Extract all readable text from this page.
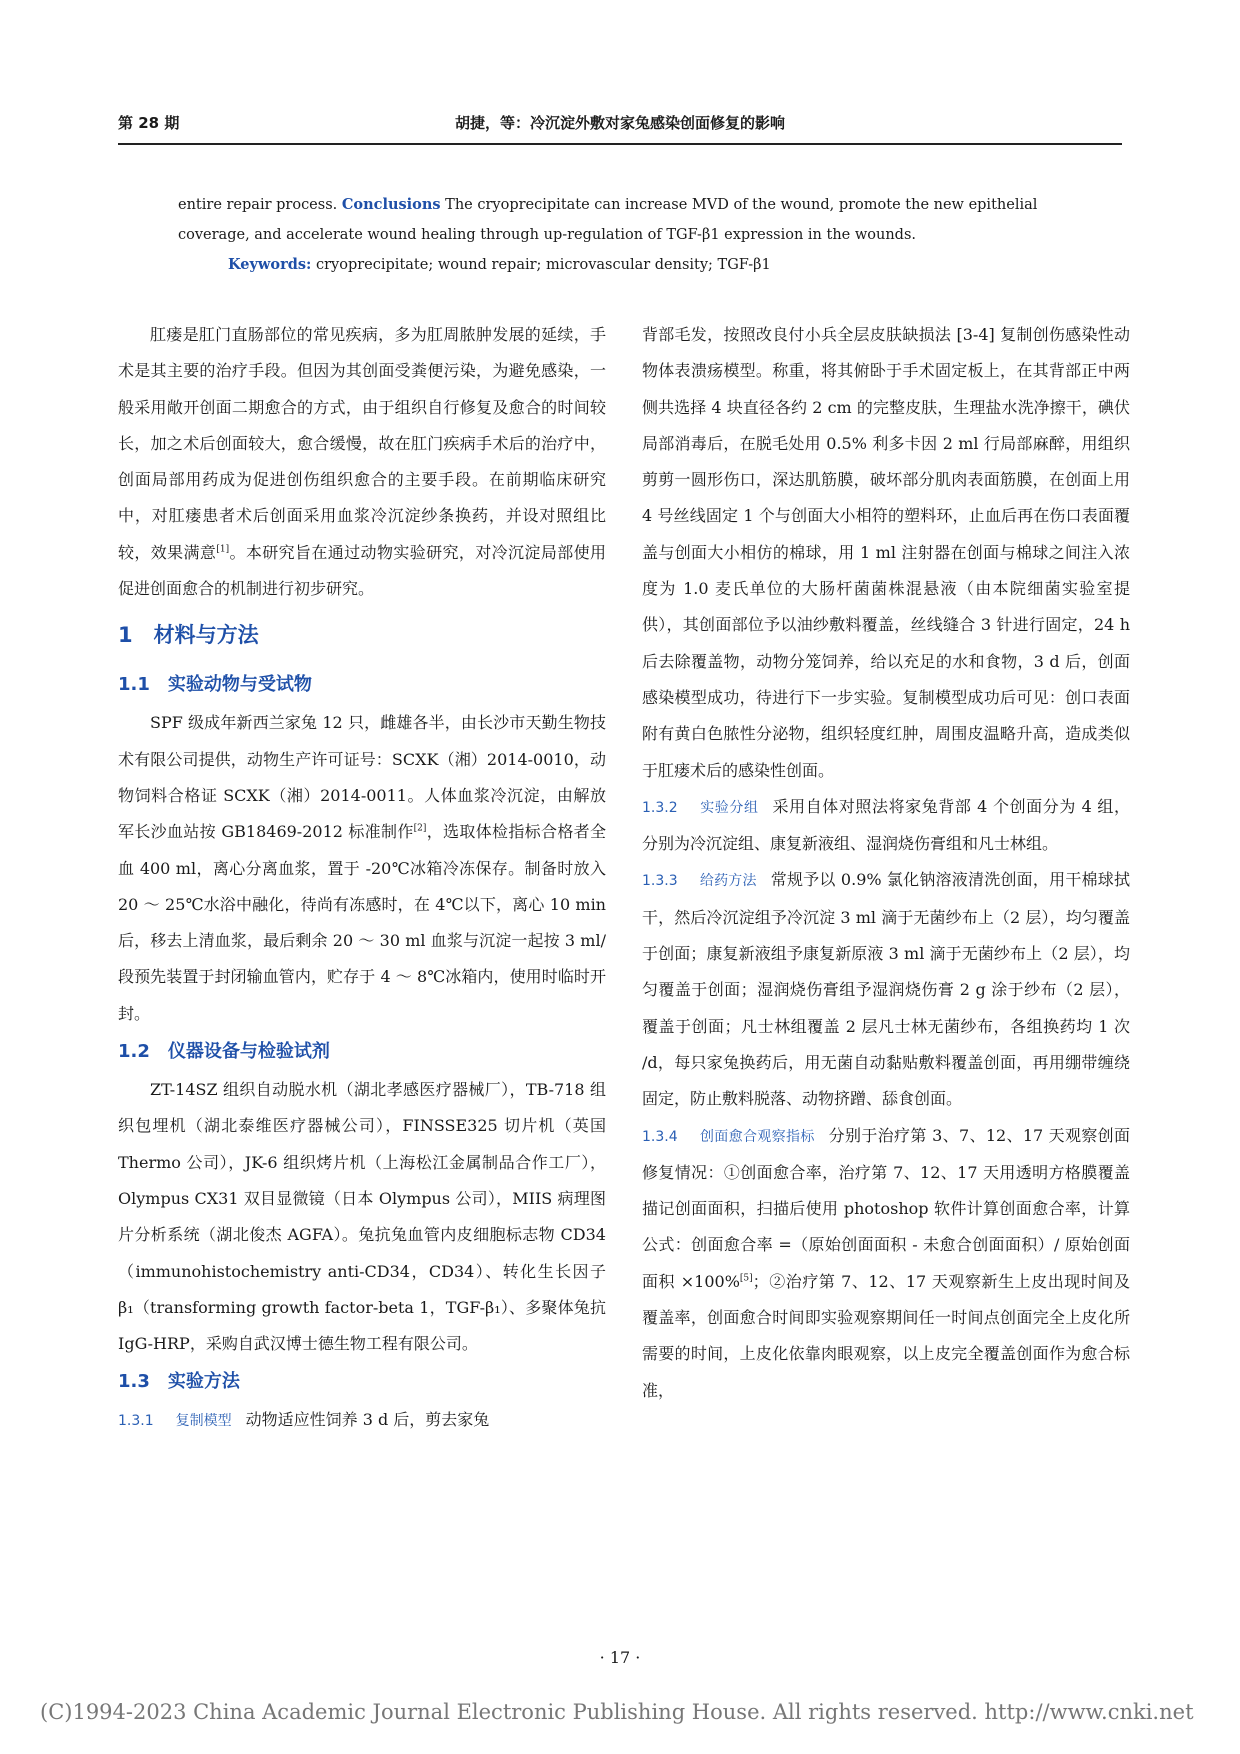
第 28 期	胡捷，等：冷沉淀外敷对家兔感染创面修复的影响
entire repair process. Conclusions The cryoprecipitate can increase MVD of the wound, promote the new epithelial
coverage, and accelerate wound healing through up-regulation of TGF-β1 expression in the wounds.
Keywords: cryoprecipitate; wound repair; microvascular density; TGF-β1

肛瘘是肛门直肠部位的常见疾病，多为肛周脓肿发展的延续，手术是其主要的治疗手段。但因为其创面受粪便污染，为避免感染，一般采用敞开创面二期愈合的方式，由于组织自行修复及愈合的时间较长，加之术后创面较大，愈合缓慢，故在肛门疾病手术后的治疗中，创面局部用药成为促进创伤组织愈合的主要手段。在前期临床研究中，对肛瘘患者术后创面采用血浆冷沉淀纱条换药，并设对照组比较，效果满意[1]。本研究旨在通过动物实验研究，对冷沉淀局部使用促进创面愈合的机制进行初步研究。

1　材料与方法
1.1　实验动物与受试物

SPF 级成年新西兰家兔 12 只，雌雄各半，由长沙市天勤生物技术有限公司提供，动物生产许可证号：SCXK（湘）2014-0010，动物饲料合格证 SCXK（湘）2014-0011。人体血浆冷沉淀，由解放军长沙血站按 GB18469-2012 标准制作[2]，选取体检指标合格者全血 400 ml，离心分离血浆，置于 -20℃冰箱冷冻保存。制备时放入 20 ～ 25℃水浴中融化，待尚有冻感时，在 4℃以下，离心 10 min 后，移去上清血浆，最后剩余 20 ～ 30 ml 血浆与沉淀一起按 3 ml/ 段预先装置于封闭输血管内，贮存于 4 ～ 8℃冰箱内，使用时临时开封。

1.2　仪器设备与检验试剂

ZT-14SZ 组织自动脱水机（湖北孝感医疗器械厂），TB-718 组织包埋机（湖北泰维医疗器械公司），FINSSE325 切片机（英国 Thermo 公司），JK-6 组织烤片机（上海松江金属制品合作工厂），Olympus CX31 双目显微镜（日本 Olympus 公司），MIIS 病理图片分析系统（湖北俊杰 AGFA）。兔抗兔血管内皮细胞标志物 CD34（immunohistochemistry anti-CD34，CD34）、转化生长因子 β₁（transforming growth factor-beta 1，TGF-β₁）、多聚体兔抗 IgG-HRP，采购自武汉博士德生物工程有限公司。

1.3　实验方法

1.3.1 复制模型 动物适应性饲养 3 d 后，剪去家兔

背部毛发，按照改良付小兵全层皮肤缺损法 [3-4] 复制创伤感染性动物体表溃疡模型。称重，将其俯卧于手术固定板上，在其背部正中两侧共选择 4 块直径各约 2 cm 的完整皮肤，生理盐水洗净擦干，碘伏局部消毒后，在脱毛处用 0.5% 利多卡因 2 ml 行局部麻醉，用组织剪剪一圆形伤口，深达肌筋膜，破坏部分肌肉表面筋膜，在创面上用 4 号丝线固定 1 个与创面大小相符的塑料环，止血后再在伤口表面覆盖与创面大小相仿的棉球，用 1 ml 注射器在创面与棉球之间注入浓度为 1.0 麦氏单位的大肠杆菌菌株混悬液（由本院细菌实验室提供），其创面部位予以油纱敷料覆盖，丝线缝合 3 针进行固定，24 h 后去除覆盖物，动物分笼饲养，给以充足的水和食物，3 d 后，创面感染模型成功，待进行下一步实验。复制模型成功后可见：创口表面附有黄白色脓性分泌物，组织轻度红肿，周围皮温略升高，造成类似于肛瘘术后的感染性创面。

1.3.2 实验分组 采用自体对照法将家兔背部 4 个创面分为 4 组，分别为冷沉淀组、康复新液组、湿润烧伤膏组和凡士林组。

1.3.3 给药方法 常规予以 0.9% 氯化钠溶液清洗创面，用干棉球拭干，然后冷沉淀组予冷沉淀 3 ml 滴于无菌纱布上（2 层），均匀覆盖于创面；康复新液组予康复新原液 3 ml 滴于无菌纱布上（2 层），均匀覆盖于创面；湿润烧伤膏组予湿润烧伤膏 2 g 涂于纱布（2 层），覆盖于创面；凡士林组覆盖 2 层凡士林无菌纱布，各组换药均 1 次 /d，每只家兔换药后，用无菌自动黏贴敷料覆盖创面，再用绷带缠绕固定，防止敷料脱落、动物挤蹭、舔食创面。

1.3.4 创面愈合观察指标 分别于治疗第 3、7、12、17 天观察创面修复情况：①创面愈合率，治疗第 7、12、17 天用透明方格膜覆盖描记创面面积，扫描后使用 photoshop 软件计算创面愈合率，计算公式：创面愈合率 =（原始创面面积 - 未愈合创面面积）/ 原始创面面积 ×100%[5]；②治疗第 7、12、17 天观察新生上皮出现时间及覆盖率，创面愈合时间即实验观察期间任一时间点创面完全上皮化所需要的时间，上皮化依靠肉眼观察，以上皮完全覆盖创面作为愈合标准，

· 17 ·
(C)1994-2023 China Academic Journal Electronic Publishing House. All rights reserved. http://www.cnki.net
